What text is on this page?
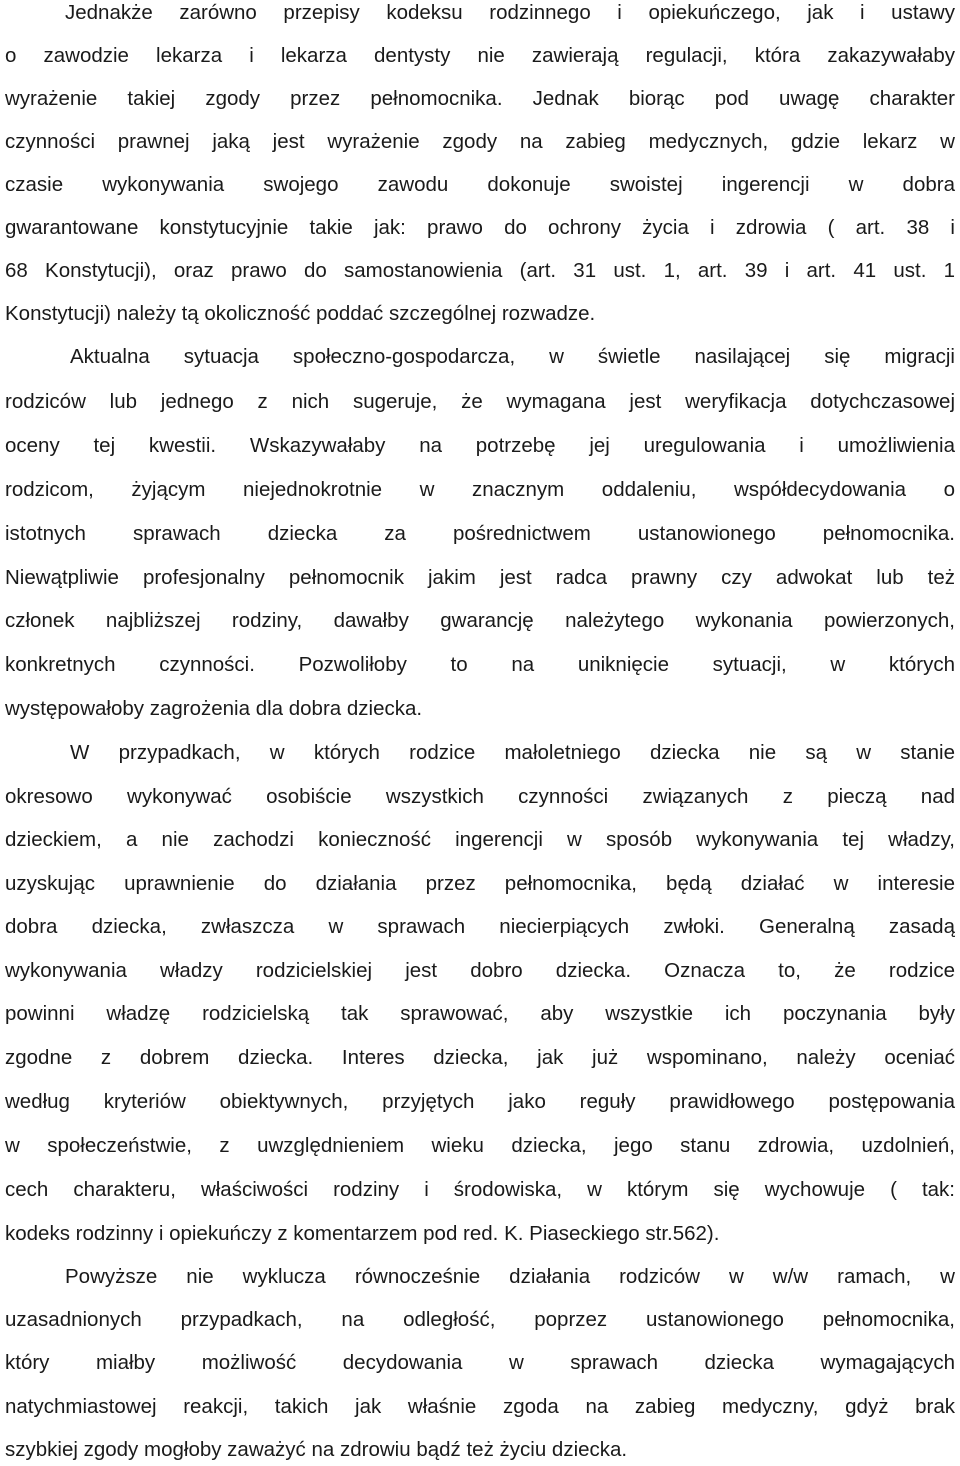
Jednakże zarówno przepisy kodeksu rodzinnego i opiekuńczego, jak i ustawy
o zawodzie lekarza i lekarza dentysty nie zawierają regulacji, która zakazywałaby
wyrażenie takiej zgody przez pełnomocnika. Jednak biorąc pod uwagę charakter
czynności prawnej jaką jest wyrażenie zgody na zabieg medycznych, gdzie lekarz w
czasie wykonywania swojego zawodu dokonuje swoistej ingerencji w dobra
gwarantowane konstytucyjnie takie jak: prawo do ochrony życia i zdrowia ( art. 38 i
68 Konstytucji), oraz prawo do samostanowienia (art. 31 ust. 1, art. 39 i art. 41 ust. 1
Konstytucji) należy tą okoliczność poddać szczególnej rozwadze.
Aktualna sytuacja społeczno-gospodarcza, w świetle nasilającej się migracji
rodziców lub jednego z nich sugeruje, że wymagana jest weryfikacja dotychczasowej
oceny tej kwestii. Wskazywałaby na potrzebę jej uregulowania i umożliwienia
rodzicom, żyjącym niejednokrotnie w znacznym oddaleniu, współdecydowania o
istotnych sprawach dziecka za pośrednictwem ustanowionego pełnomocnika.
Niewątpliwie profesjonalny pełnomocnik jakim jest radca prawny czy adwokat lub też
członek najbliższej rodziny, dawałby gwarancję należytego wykonania powierzonych,
konkretnych czynności. Pozwoliłoby to na uniknięcie sytuacji, w których
występowałoby zagrożenia dla dobra dziecka.
W przypadkach, w których rodzice małoletniego dziecka nie są w stanie
okresowo wykonywać osobiście wszystkich czynności związanych z pieczą nad
dzieckiem, a nie zachodzi konieczność ingerencji w sposób wykonywania tej władzy,
uzyskując uprawnienie do działania przez pełnomocnika, będą działać w interesie
dobra dziecka, zwłaszcza w sprawach niecierpiących zwłoki. Generalną zasadą
wykonywania władzy rodzicielskiej jest dobro dziecka. Oznacza to, że rodzice
powinni władzę rodzicielską tak sprawować, aby wszystkie ich poczynania były
zgodne z dobrem dziecka. Interes dziecka, jak już wspominano, należy oceniać
według kryteriów obiektywnych, przyjętych jako reguły prawidłowego postępowania
w społeczeństwie, z uwzględnieniem wieku dziecka, jego stanu zdrowia, uzdolnień,
cech charakteru, właściwości rodziny i środowiska, w którym się wychowuje ( tak:
kodeks rodzinny i opiekuńczy z komentarzem pod red. K. Piaseckiego str.562).
Powyższe nie wyklucza równocześnie działania rodziców w w/w ramach, w
uzasadnionych przypadkach, na odległość, poprzez ustanowionego pełnomocnika,
który miałby możliwość decydowania w sprawach dziecka wymagających
natychmiastowej reakcji, takich jak właśnie zgoda na zabieg medyczny, gdyż brak
szybkiej zgody mogłoby zaważyć na zdrowiu bądź też życiu dziecka.
